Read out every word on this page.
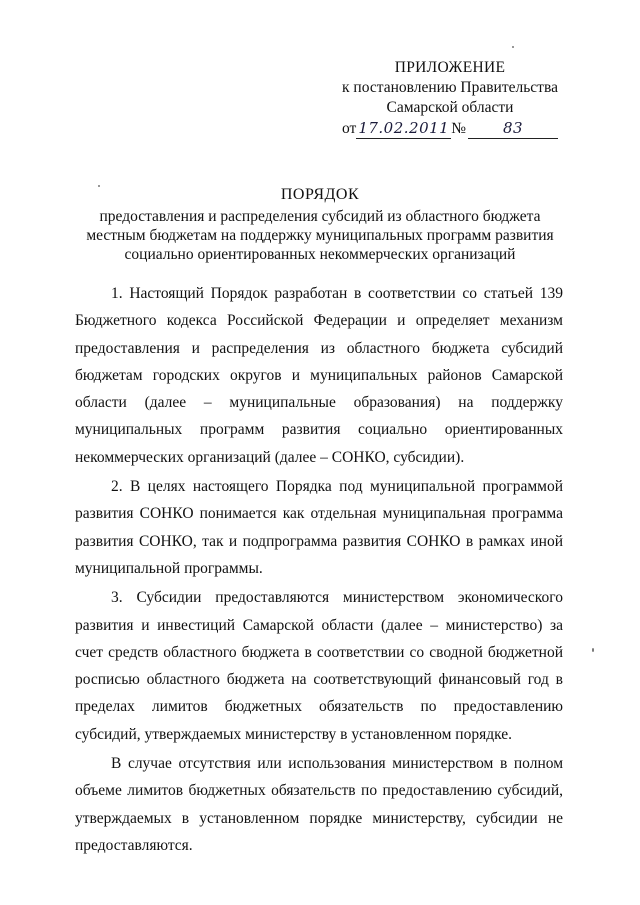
ПРИЛОЖЕНИЕ
к постановлению Правительства
Самарской области
от 17.02.2011 № 83
ПОРЯДОК
предоставления и распределения субсидий из областного бюджета
местным бюджетам на поддержку муниципальных программ развития
социально ориентированных некоммерческих организаций

1. Настоящий Порядок разработан в соответствии со статьей 139 Бюджетного кодекса Российской Федерации и определяет механизм предоставления и распределения из областного бюджета субсидий бюджетам городских округов и муниципальных районов Самарской области (далее – муниципальные образования) на поддержку муниципальных программ развития социально ориентированных некоммерческих организаций (далее – СОНКО, субсидии).

2. В целях настоящего Порядка под муниципальной программой развития СОНКО понимается как отдельная муниципальная программа развития СОНКО, так и подпрограмма развития СОНКО в рамках иной муниципальной программы.

3. Субсидии предоставляются министерством экономического развития и инвестиций Самарской области (далее – министерство) за счет средств областного бюджета в соответствии со сводной бюджетной росписью областного бюджета на соответствующий финансовый год в пределах лимитов бюджетных обязательств по предоставлению субсидий, утверждаемых министерству в установленном порядке.

В случае отсутствия или использования министерством в полном объеме лимитов бюджетных обязательств по предоставлению субсидий, утверждаемых в установленном порядке министерству, субсидии не предоставляются.
